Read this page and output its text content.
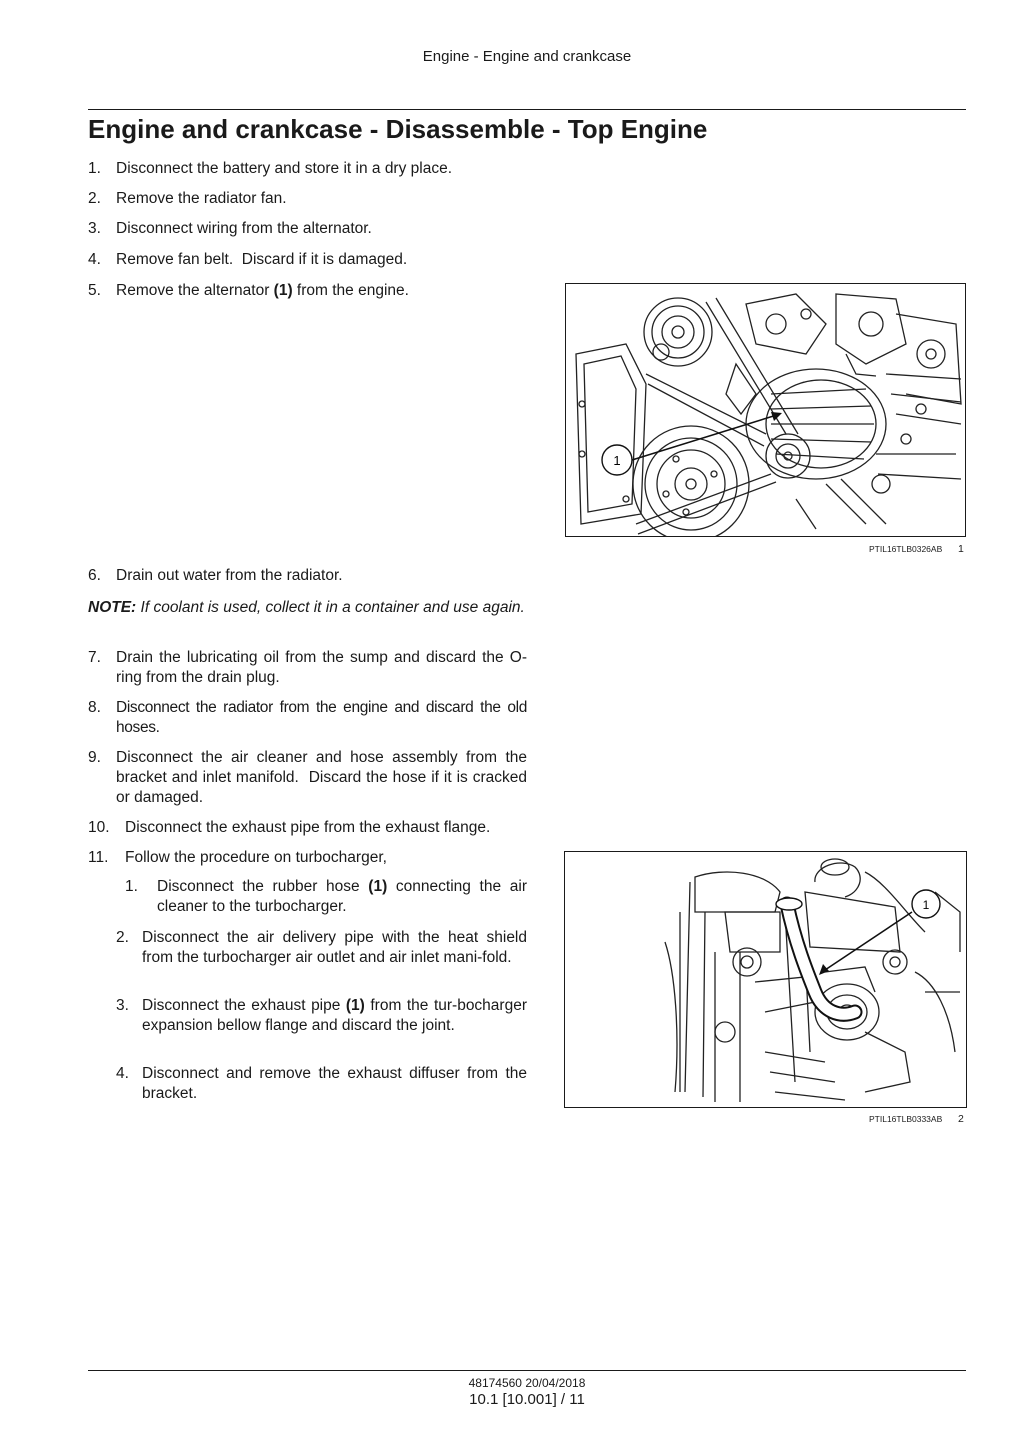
Engine - Engine and crankcase
Engine and crankcase - Disassemble - Top Engine
1. Disconnect the battery and store it in a dry place.
2. Remove the radiator fan.
3. Disconnect wiring from the alternator.
4. Remove fan belt.  Discard if it is damaged.
5. Remove the alternator (1) from the engine.
1
PTIL16TLB0326AB 1
6. Drain out water from the radiator.
NOTE: If coolant is used, collect it in a container and use again.
7. Drain the lubricating oil from the sump and discard the O-ring from the drain plug.
8. Disconnect the radiator from the engine and discard the old hoses.
9. Disconnect the air cleaner and hose assembly from the bracket and inlet manifold.  Discard the hose if it is cracked or damaged.
10. Disconnect the exhaust pipe from the exhaust flange.
11. Follow the procedure on turbocharger,
1. Disconnect the rubber hose (1) connecting the air cleaner to the turbocharger.
2. Disconnect the air delivery pipe with the heat shield from the turbocharger air outlet and air inlet mani-fold.
3. Disconnect the exhaust pipe (1) from the tur-bocharger expansion bellow flange and discard the joint.
4. Disconnect and remove the exhaust diffuser from the bracket.
1
PTIL16TLB0333AB 2
48174560 20/04/2018
10.1 [10.001] / 11
